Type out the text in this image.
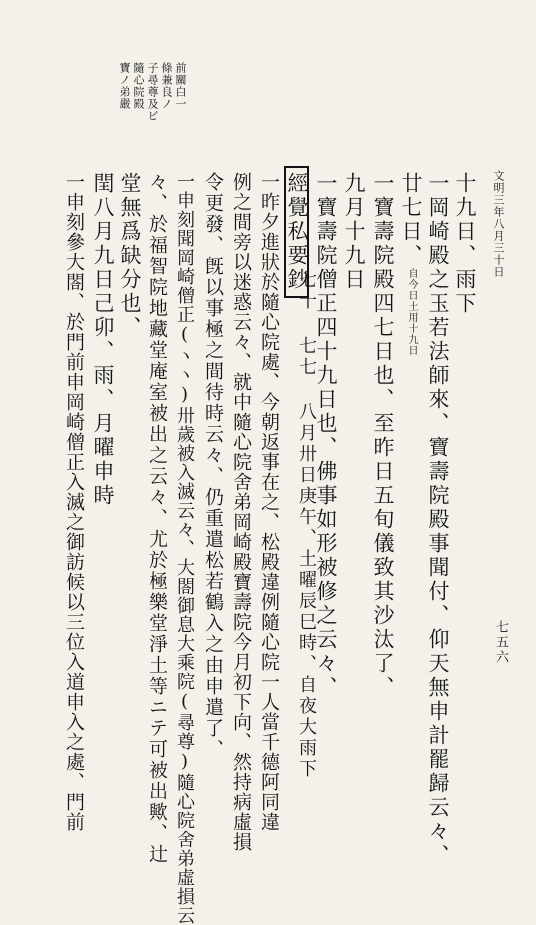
文明三年八月三十日
七五六
前關白一
條兼良ノ
子尋尊及ビ
隨心院殿
寶ノ弟嚴
十九日、雨下
一岡崎殿之玉若法師來、寶壽院殿事聞付、仰天無申計罷歸云々、
廿七日、自今日土用十九日
一寶壽院殿四七日也、至昨日五旬儀致其沙汰了、
九月十九日
一寶壽院僧正四十九日也、佛事如形被修之云々、
經覺私要鈔
七十 七七 八月卅日庚午、土曜辰巳時、自夜大雨下
一昨夕進狀於隨心院處、今朝返事在之、松殿違例隨心院一人當千德阿同違
例之間旁以迷惑云々、就中隨心院舍弟岡崎殿寶壽院今月初下向、然持病虛損
令更發、旣以事極之間待時云々、仍重遣松若鶴入之由申遣了、
一申刻聞岡崎僧正(ヽヽ)卅歲被入滅云々、大閤御息大乘院(尋尊)隨心院舍弟虛損云
々、於福智院地藏堂庵室被出之云々、尤於極樂堂淨土等ニテ可被出歟、辻
堂無爲缺分也、
閏八月九日己卯、雨、月曜申時
一申刻參大閤、於門前申岡崎僧正入滅之御訪候以三位入道申入之處、門前
